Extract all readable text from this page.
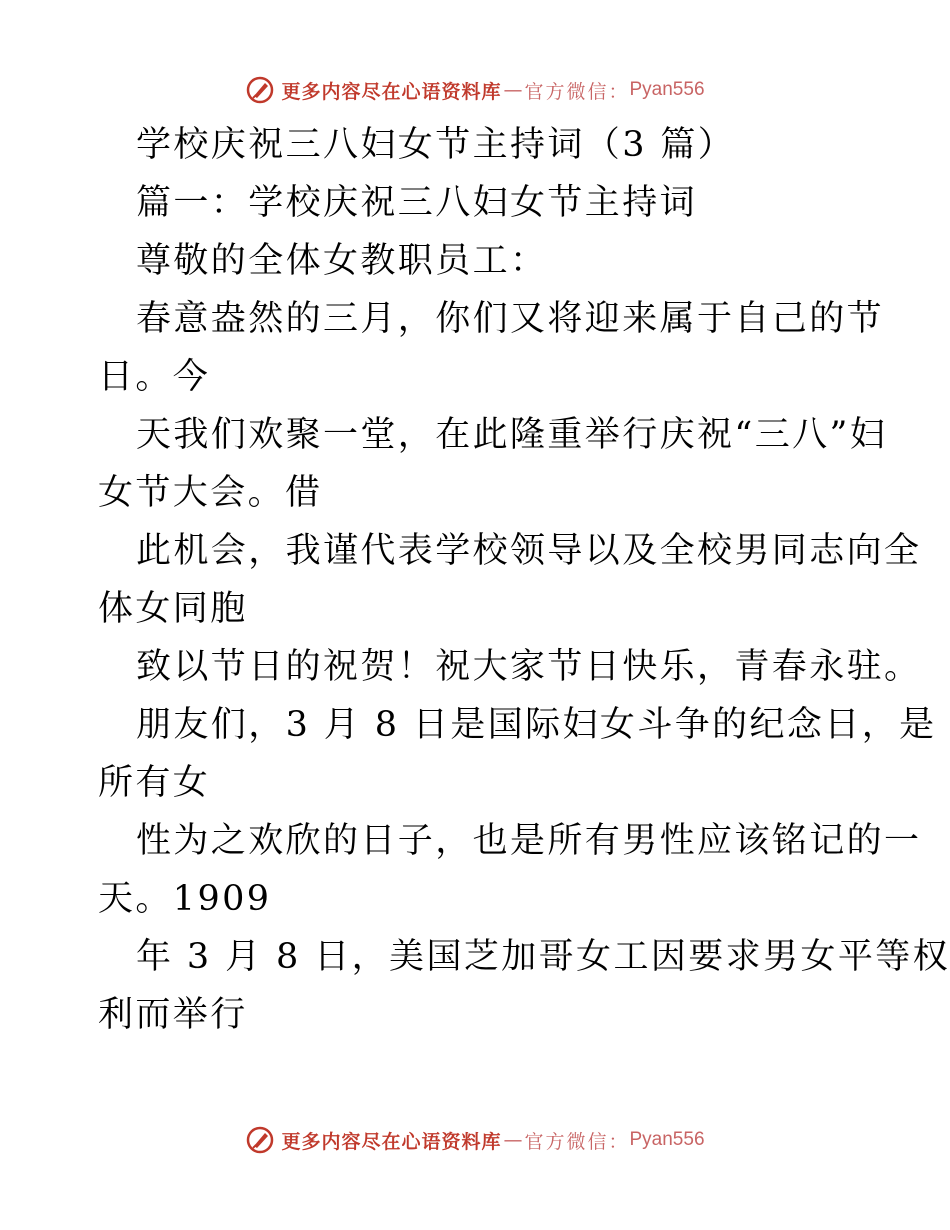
更多内容尽在心语资料库 — 官方微信： Pyan556
学校庆祝三八妇女节主持词（3 篇）
篇一：学校庆祝三八妇女节主持词
尊敬的全体女教职员工：
春意盎然的三月，你们又将迎来属于自己的节
日。今
天我们欢聚一堂，在此隆重举行庆祝“三八”妇
女节大会。借
此机会，我谨代表学校领导以及全校男同志向全
体女同胞
致以节日的祝贺！祝大家节日快乐，青春永驻。
朋友们，3 月 8 日是国际妇女斗争的纪念日，是
所有女
性为之欢欣的日子，也是所有男性应该铭记的一
天。1909
年 3 月 8 日，美国芝加哥女工因要求男女平等权
利而举行
更多内容尽在心语资料库 — 官方微信： Pyan556
